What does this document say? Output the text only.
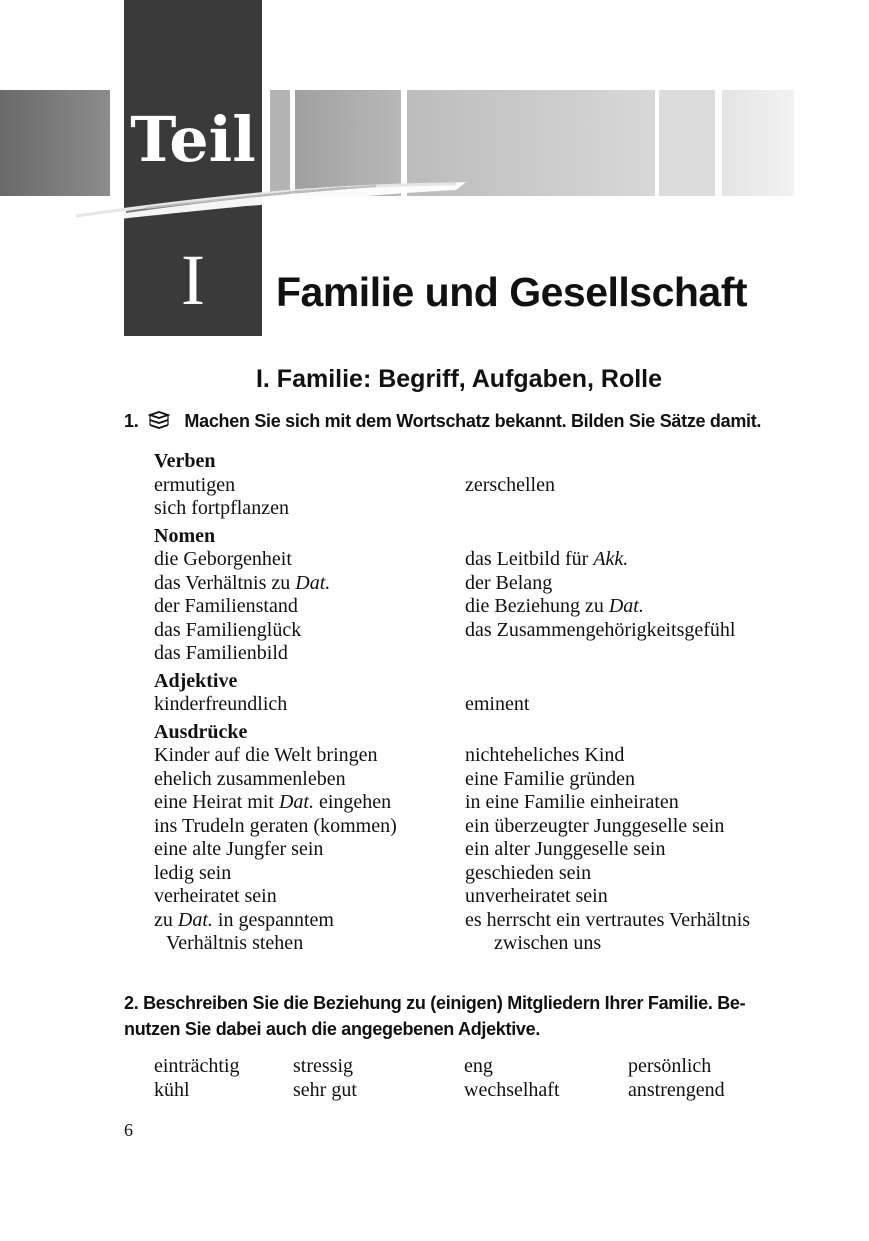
Teil
I	Familie und Gesellschaft
I. Familie: Begriff, Aufgaben, Rolle
1.	Machen Sie sich mit dem Wortschatz bekannt. Bilden Sie Sätze damit.
Verben
ermutigen	zerschellen
sich fortpflanzen
Nomen
die Geborgenheit	das Leitbild für Akk.
das Verhältnis zu Dat.	der Belang
der Familienstand	die Beziehung zu Dat.
das Familienglück	das Zusammengehörigkeitsgefühl
das Familienbild
Adjektive
kinderfreundlich	eminent
Ausdrücke
Kinder auf die Welt bringen	nichteheliches Kind
ehelich zusammenleben	eine Familie gründen
eine Heirat mit Dat. eingehen	in eine Familie einheiraten
ins Trudeln geraten (kommen)	ein überzeugter Junggeselle sein
eine alte Jungfer sein	ein alter Junggeselle sein
ledig sein	geschieden sein
verheiratet sein	unverheiratet sein
zu Dat. in gespanntem	es herrscht ein vertrautes Verhältnis
Verhältnis stehen	zwischen uns
2. Beschreiben Sie die Beziehung zu (einigen) Mitgliedern Ihrer Familie. Be-
nutzen Sie dabei auch die angegebenen Adjektive.
einträchtig	stressig	eng	persönlich
kühl	sehr gut	wechselhaft	anstrengend
6
